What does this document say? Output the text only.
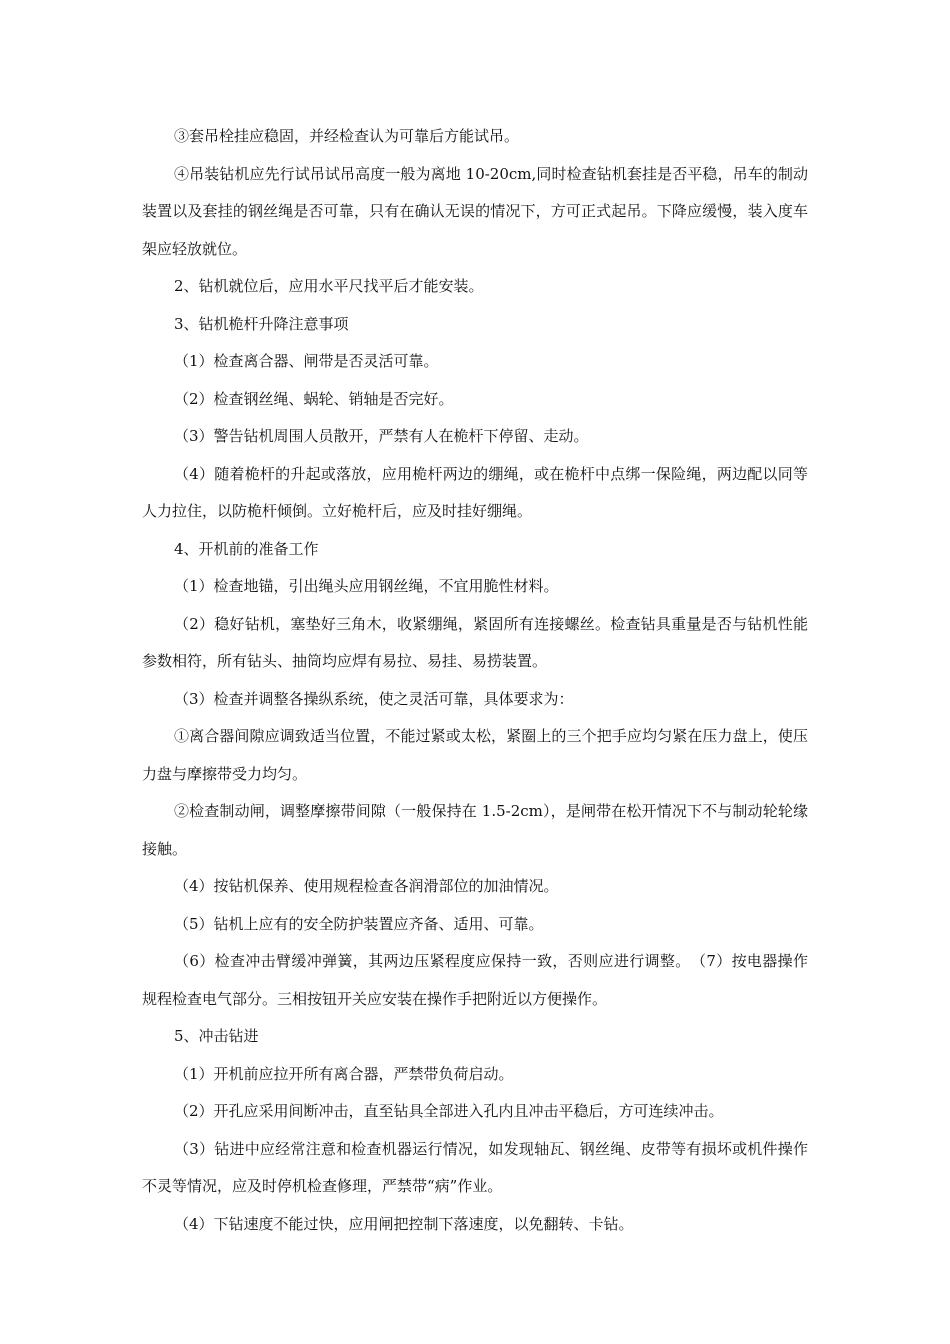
③套吊栓挂应稳固，并经检查认为可靠后方能试吊。

④吊装钻机应先行试吊试吊高度一般为离地 10-20cm,同时检查钻机套挂是否平稳，吊车的制动装置以及套挂的钢丝绳是否可靠，只有在确认无误的情况下，方可正式起吊。下降应缓慢，装入度车架应轻放就位。

2、钻机就位后，应用水平尺找平后才能安装。

3、钻机桅杆升降注意事项

（1）检查离合器、闸带是否灵活可靠。

（2）检查钢丝绳、蜗轮、销轴是否完好。

（3）警告钻机周围人员散开，严禁有人在桅杆下停留、走动。

（4）随着桅杆的升起或落放，应用桅杆两边的绷绳，或在桅杆中点绑一保险绳，两边配以同等人力拉住，以防桅杆倾倒。立好桅杆后，应及时挂好绷绳。

4、开机前的准备工作

（1）检查地锚，引出绳头应用钢丝绳，不宜用脆性材料。

（2）稳好钻机，塞垫好三角木，收紧绷绳，紧固所有连接螺丝。检查钻具重量是否与钻机性能参数相符，所有钻头、抽筒均应焊有易拉、易挂、易捞装置。

（3）检查并调整各操纵系统，使之灵活可靠，具体要求为：

①离合器间隙应调致适当位置，不能过紧或太松，紧圈上的三个把手应均匀紧在压力盘上，使压力盘与摩擦带受力均匀。

②检查制动闸，调整摩擦带间隙（一般保持在 1.5-2cm），是闸带在松开情况下不与制动轮轮缘接触。

（4）按钻机保养、使用规程检查各润滑部位的加油情况。

（5）钻机上应有的安全防护装置应齐备、适用、可靠。

（6）检查冲击臂缓冲弹簧，其两边压紧程度应保持一致，否则应进行调整。　（7）按电器操作规程检查电气部分。三相按钮开关应安装在操作手把附近以方便操作。

5、冲击钻进

（1）开机前应拉开所有离合器，严禁带负荷启动。

（2）开孔应采用间断冲击，直至钻具全部进入孔内且冲击平稳后，方可连续冲击。

（3）钻进中应经常注意和检查机器运行情况，如发现轴瓦、钢丝绳、皮带等有损坏或机件操作不灵等情况，应及时停机检查修理，严禁带“病”作业。

（4）下钻速度不能过快，应用闸把控制下落速度，以免翻转、卡钻。
